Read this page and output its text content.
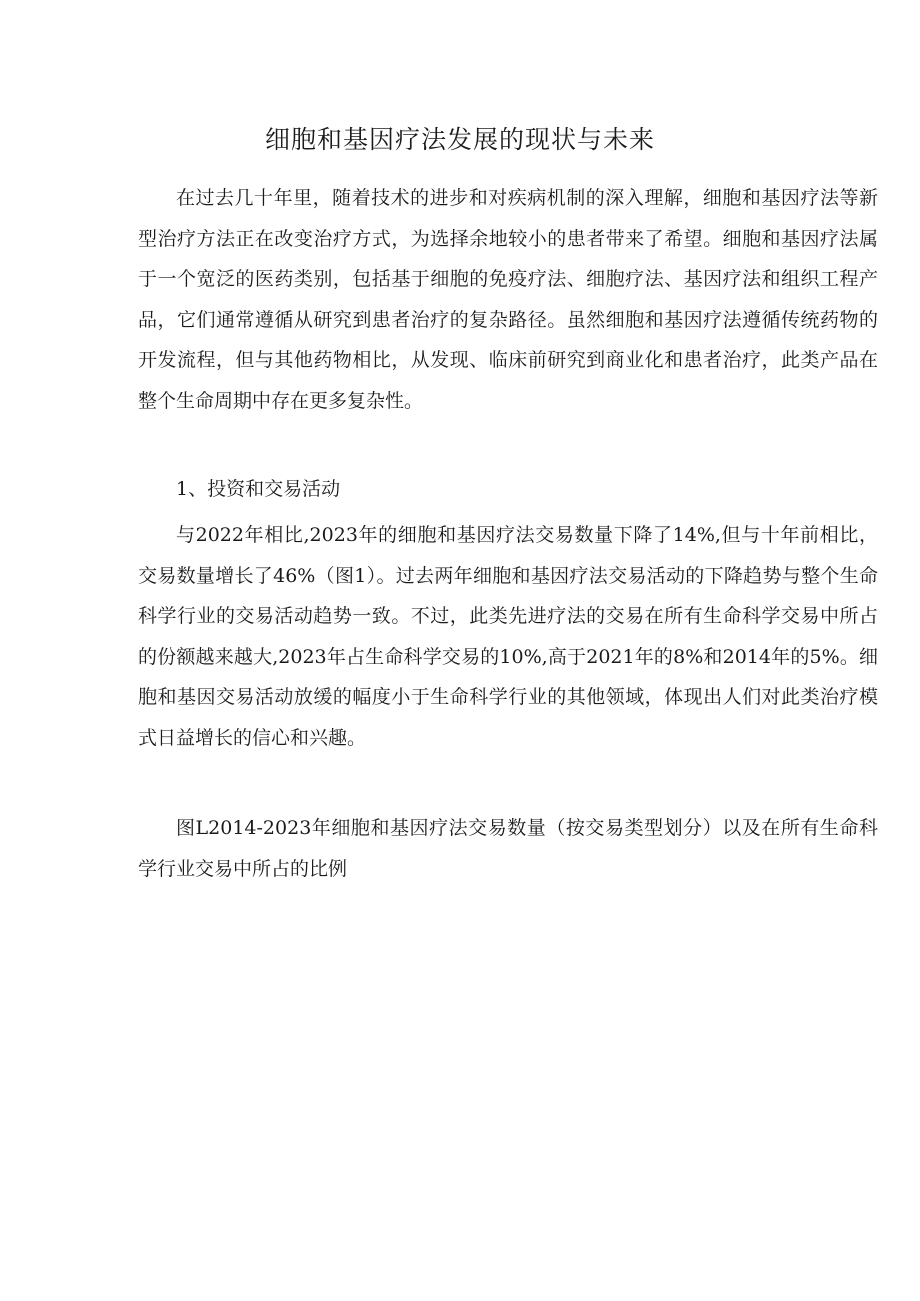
细胞和基因疗法发展的现状与未来

在过去几十年里，随着技术的进步和对疾病机制的深入理解，细胞和基因疗法等新型治疗方法正在改变治疗方式，为选择余地较小的患者带来了希望。细胞和基因疗法属于一个宽泛的医药类别，包括基于细胞的免疫疗法、细胞疗法、基因疗法和组织工程产品，它们通常遵循从研究到患者治疗的复杂路径。虽然细胞和基因疗法遵循传统药物的开发流程，但与其他药物相比，从发现、临床前研究到商业化和患者治疗，此类产品在整个生命周期中存在更多复杂性。

1、投资和交易活动

与2022年相比,2023年的细胞和基因疗法交易数量下降了14%,但与十年前相比，交易数量增长了46%（图1）。过去两年细胞和基因疗法交易活动的下降趋势与整个生命科学行业的交易活动趋势一致。不过，此类先进疗法的交易在所有生命科学交易中所占的份额越来越大,2023年占生命科学交易的10%,高于2021年的8%和2014年的5%。细胞和基因交易活动放缓的幅度小于生命科学行业的其他领域，体现出人们对此类治疗模式日益增长的信心和兴趣。

图L2014-2023年细胞和基因疗法交易数量（按交易类型划分）以及在所有生命科学行业交易中所占的比例
